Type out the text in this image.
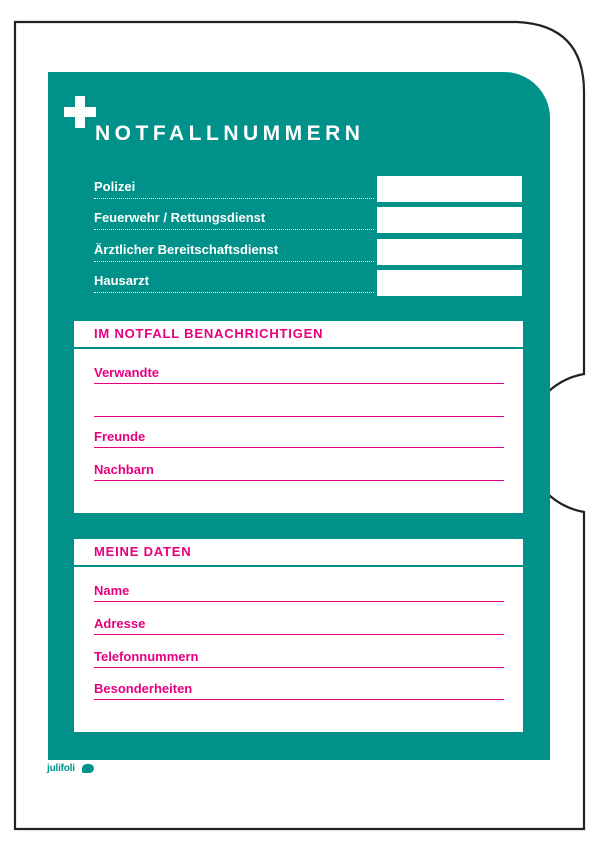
NOTFALLNUMMERN
Polizei
Feuerwehr / Rettungsdienst
Ärztlicher Bereitschaftsdienst
Hausarzt
IM NOTFALL BENACHRICHTIGEN
Verwandte
Freunde
Nachbarn
MEINE DATEN
Name
Adresse
Telefonnummern
Besonderheiten
julifoli
